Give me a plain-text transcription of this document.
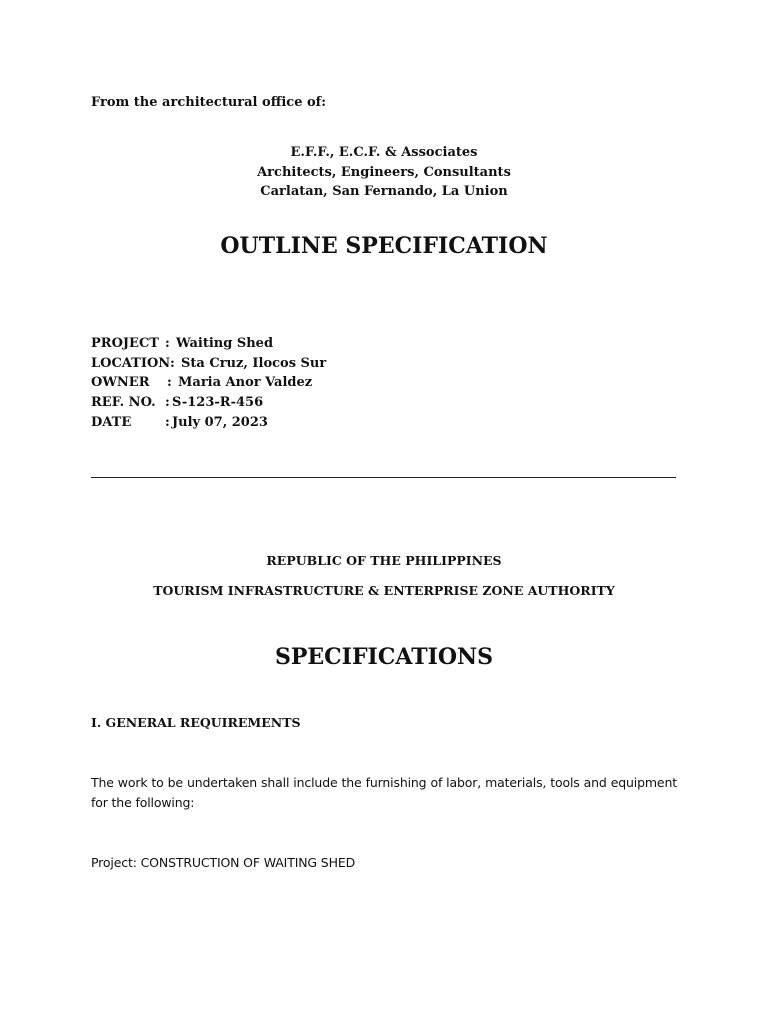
From the architectural office of:
E.F.F., E.C.F. & Associates
Architects, Engineers, Consultants
Carlatan, San Fernando, La Union
OUTLINE SPECIFICATION
PROJECT : Waiting Shed
LOCATION: Sta Cruz, Ilocos Sur
OWNER : Maria Anor Valdez
REF. NO. : S-123-R-456
DATE	: July 07, 2023
REPUBLIC OF THE PHILIPPINES
TOURISM INFRASTRUCTURE & ENTERPRISE ZONE AUTHORITY
SPECIFICATIONS
I. GENERAL REQUIREMENTS
The work to be undertaken shall include the furnishing of labor, materials, tools and equipment for the following:
Project: CONSTRUCTION OF WAITING SHED
